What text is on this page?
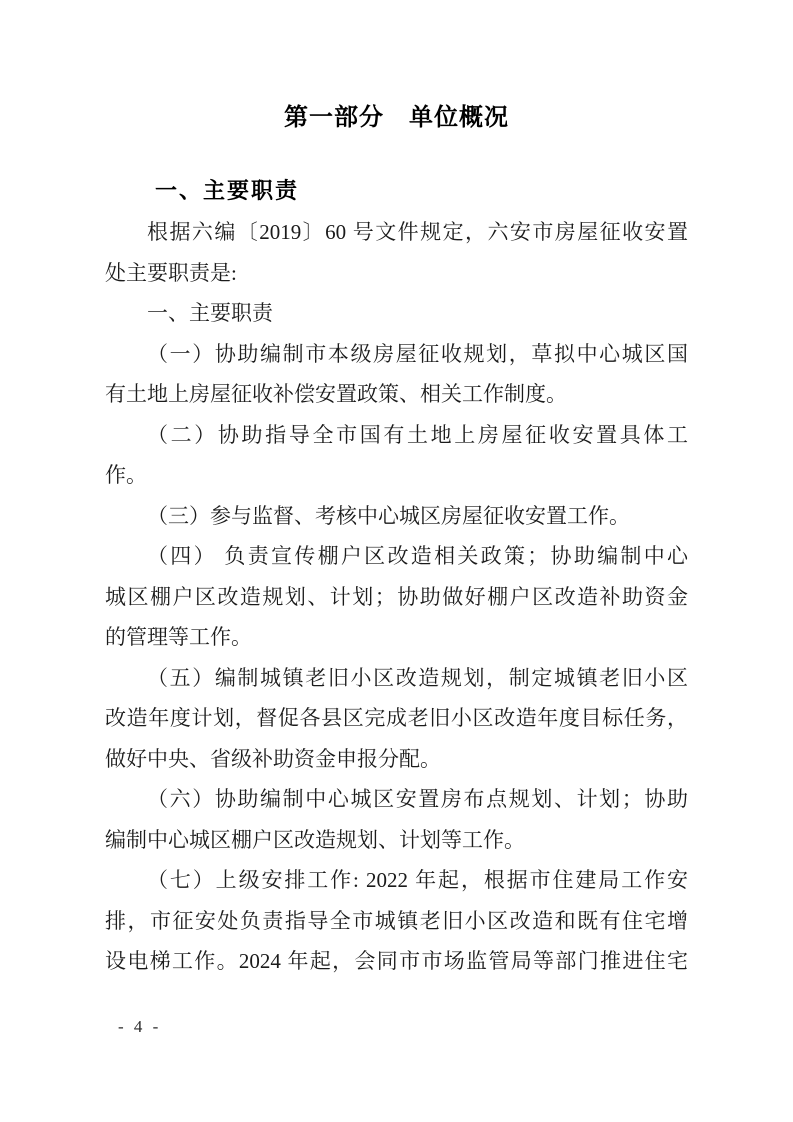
第一部分　单位概况
一、主要职责

根据六编〔2019〕60 号文件规定，六安市房屋征收安置

处主要职责是:

一、主要职责

（一）协助编制市本级房屋征收规划，草拟中心城区国

有土地上房屋征收补偿安置政策、相关工作制度。

（二）协助指导全市国有土地上房屋征收安置具体工

作。

（三）参与监督、考核中心城区房屋征收安置工作。

（四） 负责宣传棚户区改造相关政策；协助编制中心

城区棚户区改造规划、计划；协助做好棚户区改造补助资金

的管理等工作。

（五）编制城镇老旧小区改造规划，制定城镇老旧小区

改造年度计划，督促各县区完成老旧小区改造年度目标任务，

做好中央、省级补助资金申报分配。

（六）协助编制中心城区安置房布点规划、计划；协助

编制中心城区棚户区改造规划、计划等工作。

（七）上级安排工作: 2022 年起，根据市住建局工作安

排，市征安处负责指导全市城镇老旧小区改造和既有住宅增

设电梯工作。2024 年起，会同市市场监管局等部门推进住宅

- 4 -
